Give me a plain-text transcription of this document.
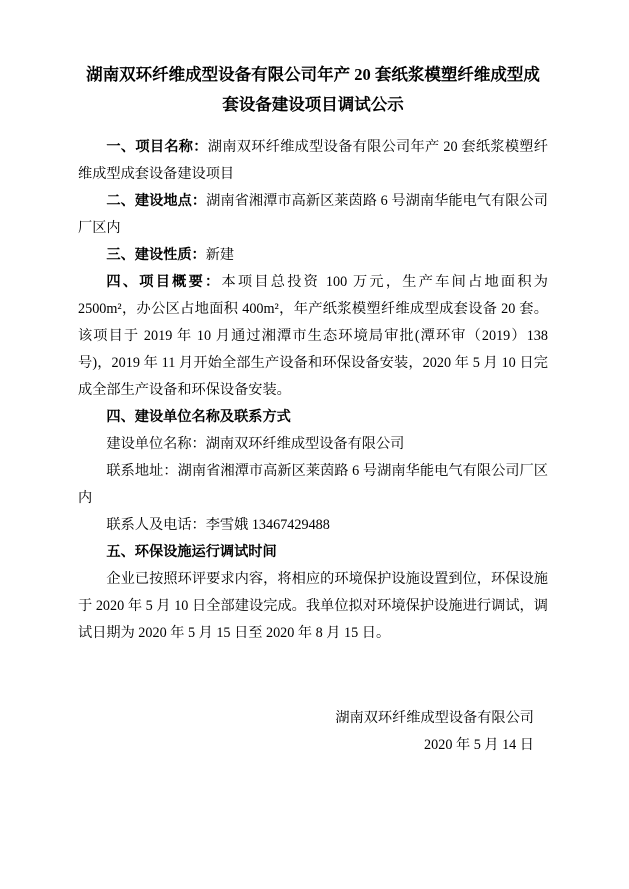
湖南双环纤维成型设备有限公司年产 20 套纸浆模塑纤维成型成套设备建设项目调试公示

一、项目名称：湖南双环纤维成型设备有限公司年产 20 套纸浆模塑纤维成型成套设备建设项目

二、建设地点：湖南省湘潭市高新区莱茵路 6 号湖南华能电气有限公司厂区内

三、建设性质：新建

四、项目概要：本项目总投资 100 万元，生产车间占地面积为 2500m²，办公区占地面积 400m²，年产纸浆模塑纤维成型成套设备 20 套。该项目于 2019 年 10 月通过湘潭市生态环境局审批(潭环审（2019）138 号)，2019 年 11 月开始全部生产设备和环保设备安装，2020 年 5 月 10 日完成全部生产设备和环保设备安装。

四、建设单位名称及联系方式

建设单位名称：湖南双环纤维成型设备有限公司

联系地址：湖南省湘潭市高新区莱茵路 6 号湖南华能电气有限公司厂区内

联系人及电话：李雪娥 13467429488

五、环保设施运行调试时间

企业已按照环评要求内容，将相应的环境保护设施设置到位，环保设施于 2020 年 5 月 10 日全部建设完成。我单位拟对环境保护设施进行调试，调试日期为 2020 年 5 月 15 日至 2020 年 8 月 15 日。

湖南双环纤维成型设备有限公司
2020 年 5 月 14 日
